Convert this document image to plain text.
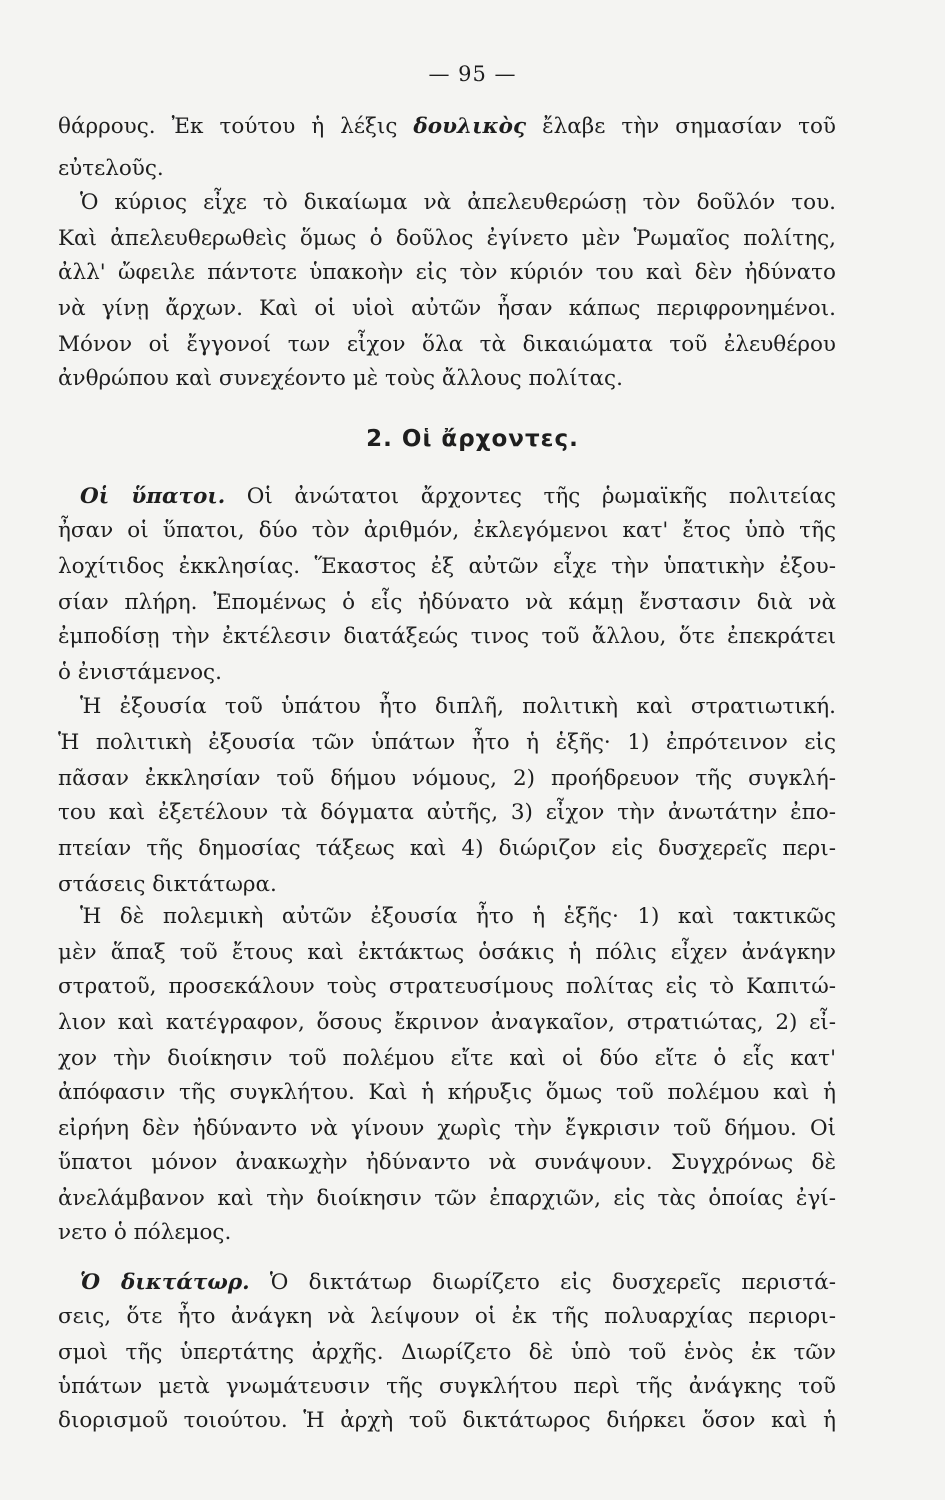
— 95 —
θάρρους. Ἐκ τούτου ἡ λέξις δουλικὸς ἔλαβε τὴν σημασίαν τοῦ
εὐτελοῦς.
Ὁ κύριος εἶχε τὸ δικαίωμα νὰ ἀπελευθερώσῃ τὸν δοῦλόν του.
Καὶ ἀπελευθερωθεὶς ὅμως ὁ δοῦλος ἐγίνετο μὲν Ῥωμαῖος πολίτης,
ἀλλ' ὤφειλε πάντοτε ὑπακοὴν εἰς τὸν κύριόν του καὶ δὲν ἠδύνατο
νὰ γίνῃ ἄρχων. Καὶ οἱ υἱοὶ αὐτῶν ἦσαν κάπως περιφρονημένοι.
Μόνον οἱ ἔγγονοί των εἶχον ὅλα τὰ δικαιώματα τοῦ ἐλευθέρου
ἀνθρώπου καὶ συνεχέοντο μὲ τοὺς ἄλλους πολίτας.
2. Οἱ ἄρχοντες.
Οἱ ὕπατοι. Οἱ ἀνώτατοι ἄρχοντες τῆς ῥωμαϊκῆς πολιτείας
ἦσαν οἱ ὕπατοι, δύο τὸν ἀριθμόν, ἐκλεγόμενοι κατ' ἔτος ὑπὸ τῆς
λοχίτιδος ἐκκλησίας. Ἕκαστος ἐξ αὐτῶν εἶχε τὴν ὑπατικὴν ἐξου-
σίαν πλήρη. Ἐπομένως ὁ εἷς ἠδύνατο νὰ κάμῃ ἔνστασιν διὰ νὰ
ἐμποδίσῃ τὴν ἐκτέλεσιν διατάξεώς τινος τοῦ ἄλλου, ὅτε ἐπεκράτει
ὁ ἐνιστάμενος.
Ἡ ἐξουσία τοῦ ὑπάτου ἦτο διπλῆ, πολιτικὴ καὶ στρατιωτική.
Ἡ πολιτικὴ ἐξουσία τῶν ὑπάτων ἦτο ἡ ἑξῆς· 1) ἐπρότεινον εἰς
πᾶσαν ἐκκλησίαν τοῦ δήμου νόμους, 2) προήδρευον τῆς συγκλή-
του καὶ ἐξετέλουν τὰ δόγματα αὐτῆς, 3) εἶχον τὴν ἀνωτάτην ἐπο-
πτείαν τῆς δημοσίας τάξεως καὶ 4) διώριζον εἰς δυσχερεῖς περι-
στάσεις δικτάτωρα.
Ἡ δὲ πολεμικὴ αὐτῶν ἐξουσία ἦτο ἡ ἑξῆς· 1) καὶ τακτικῶς
μὲν ἅπαξ τοῦ ἔτους καὶ ἐκτάκτως ὁσάκις ἡ πόλις εἶχεν ἀνάγκην
στρατοῦ, προσεκάλουν τοὺς στρατευσίμους πολίτας εἰς τὸ Καπιτώ-
λιον καὶ κατέγραφον, ὅσους ἔκρινον ἀναγκαῖον, στρατιώτας, 2) εἶ-
χον τὴν διοίκησιν τοῦ πολέμου εἴτε καὶ οἱ δύο εἴτε ὁ εἷς κατ'
ἀπόφασιν τῆς συγκλήτου. Καὶ ἡ κήρυξις ὅμως τοῦ πολέμου καὶ ἡ
εἰρήνη δὲν ἠδύναντο νὰ γίνουν χωρὶς τὴν ἔγκρισιν τοῦ δήμου. Οἱ
ὕπατοι μόνον ἀνακωχὴν ἠδύναντο νὰ συνάψουν. Συγχρόνως δὲ
ἀνελάμβανον καὶ τὴν διοίκησιν τῶν ἐπαρχιῶν, εἰς τὰς ὁποίας ἐγί-
νετο ὁ πόλεμος.
Ὁ δικτάτωρ. Ὁ δικτάτωρ διωρίζετο εἰς δυσχερεῖς περιστά-
σεις, ὅτε ἦτο ἀνάγκη νὰ λείψουν οἱ ἐκ τῆς πολυαρχίας περιορι-
σμοὶ τῆς ὑπερτάτης ἀρχῆς. Διωρίζετο δὲ ὑπὸ τοῦ ἑνὸς ἐκ τῶν
ὑπάτων μετὰ γνωμάτευσιν τῆς συγκλήτου περὶ τῆς ἀνάγκης τοῦ
διορισμοῦ τοιούτου. Ἡ ἀρχὴ τοῦ δικτάτωρος διήρκει ὅσον καὶ ἡ
